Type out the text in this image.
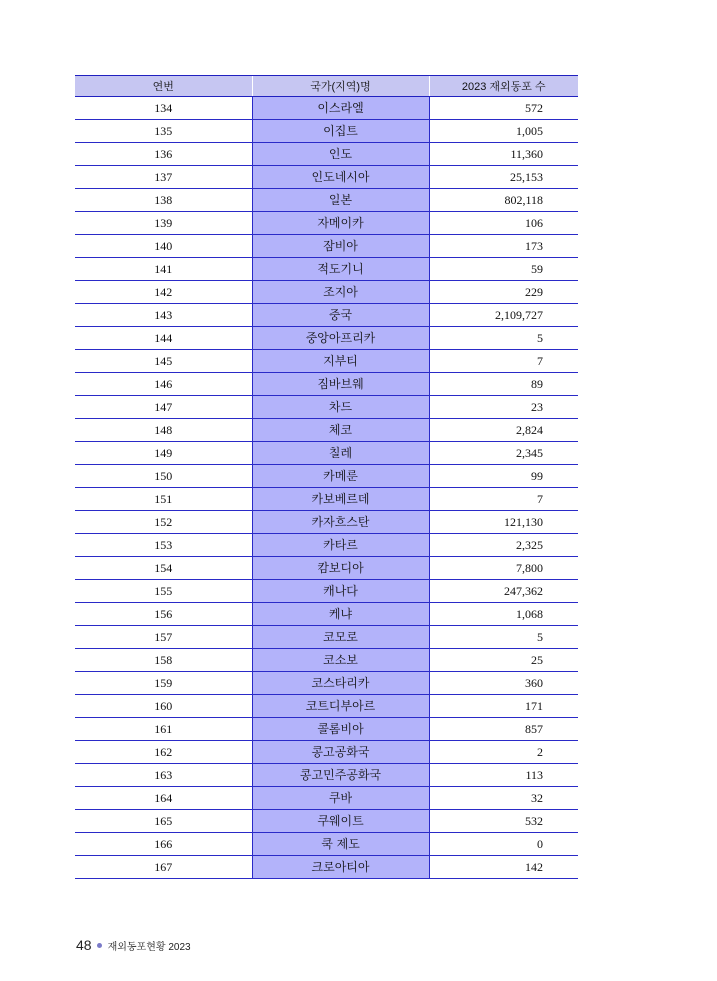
연번	국가(지역)명	2023 재외동포 수
134	이스라엘	572
135	이집트	1,005
136	인도	11,360
137	인도네시아	25,153
138	일본	802,118
139	자메이카	106
140	잠비아	173
141	적도기니	59
142	조지아	229
143	중국	2,109,727
144	중앙아프리카	5
145	지부티	7
146	짐바브웨	89
147	차드	23
148	체코	2,824
149	칠레	2,345
150	카메룬	99
151	카보베르데	7
152	카자흐스탄	121,130
153	카타르	2,325
154	캄보디아	7,800
155	캐나다	247,362
156	케냐	1,068
157	코모로	5
158	코소보	25
159	코스타리카	360
160	코트디부아르	171
161	콜롬비아	857
162	콩고공화국	2
163	콩고민주공화국	113
164	쿠바	32
165	쿠웨이트	532
166	쿡 제도	0
167	크로아티아	142
48 재외동포현황 2023
